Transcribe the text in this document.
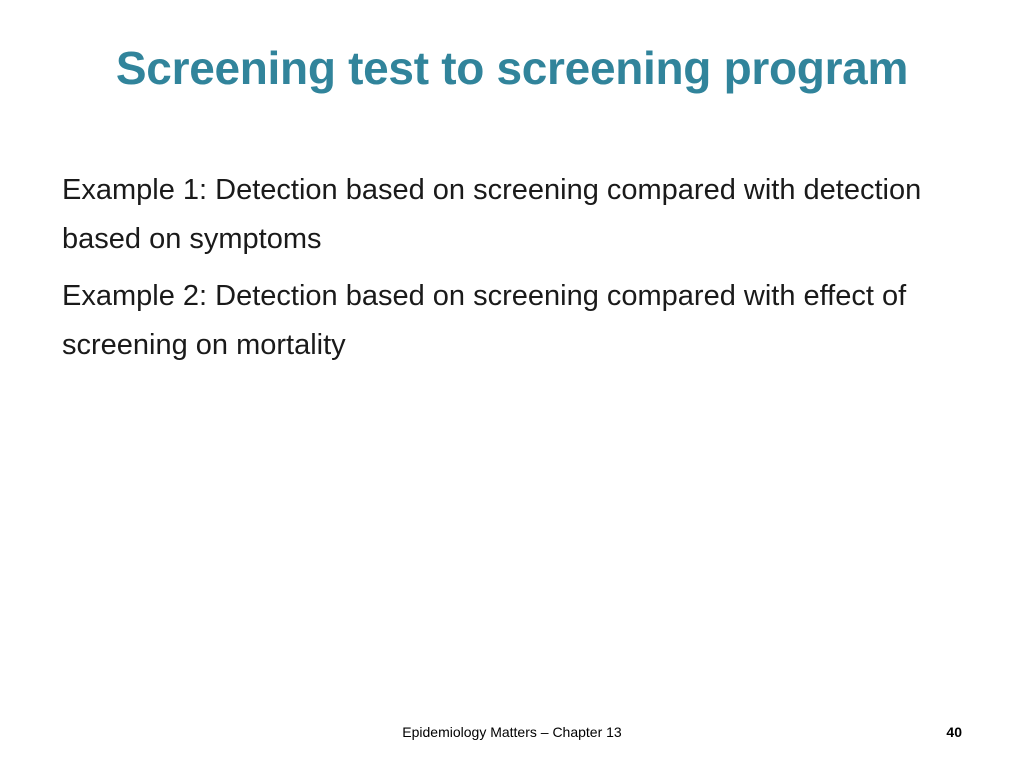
Screening test to screening program

Example 1: Detection based on screening compared with detection based on symptoms

Example 2: Detection based on screening compared with effect of screening on mortality

Epidemiology Matters – Chapter 13	40
